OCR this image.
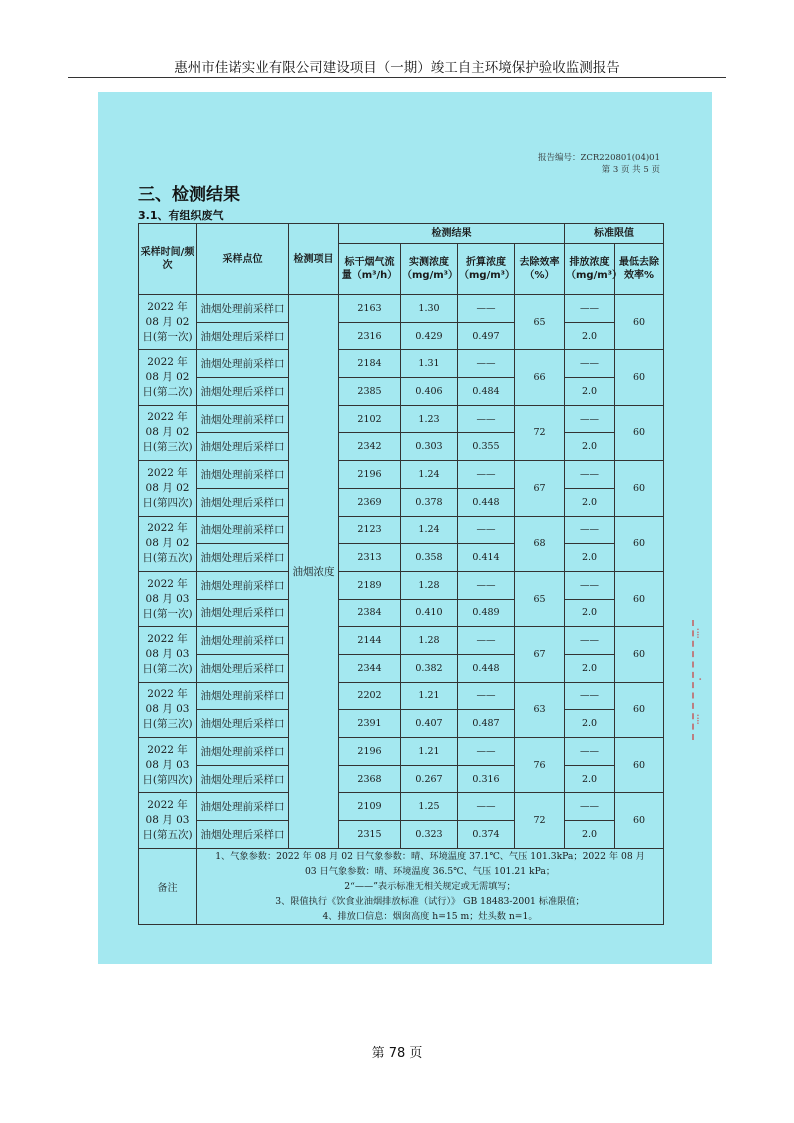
惠州市佳诺实业有限公司建设项目（一期）竣工自主环境保护验收监测报告
报告编号：ZCR220801(04)01
第 3 页 共 5 页
三、检测结果
3.1、有组织废气
采样时间/频次	采样点位	检测项目	检测结果				标准限值	
			标干烟气流量（m³/h）	实测浓度（mg/m³）	折算浓度（mg/m³）	去除效率（%）	排放浓度（mg/m³）	最低去除效率%
2022 年 08 月 02 日(第一次)	油烟处理前采样口	油烟浓度	2163	1.30	——	65	——	60
	油烟处理后采样口		2316	0.429	0.497		2.0	
2022 年 08 月 02 日(第二次)	油烟处理前采样口		2184	1.31	——	66	——	60
	油烟处理后采样口		2385	0.406	0.484		2.0	
2022 年 08 月 02 日(第三次)	油烟处理前采样口		2102	1.23	——	72	——	60
	油烟处理后采样口		2342	0.303	0.355		2.0	
2022 年 08 月 02 日(第四次)	油烟处理前采样口		2196	1.24	——	67	——	60
	油烟处理后采样口		2369	0.378	0.448		2.0	
2022 年 08 月 02 日(第五次)	油烟处理前采样口		2123	1.24	——	68	——	60
	油烟处理后采样口		2313	0.358	0.414		2.0	
2022 年 08 月 03 日(第一次)	油烟处理前采样口		2189	1.28	——	65	——	60
	油烟处理后采样口		2384	0.410	0.489		2.0	
2022 年 08 月 03 日(第二次)	油烟处理前采样口		2144	1.28	——	67	——	60
	油烟处理后采样口		2344	0.382	0.448		2.0	
2022 年 08 月 03 日(第三次)	油烟处理前采样口		2202	1.21	——	63	——	60
	油烟处理后采样口		2391	0.407	0.487		2.0	
2022 年 08 月 03 日(第四次)	油烟处理前采样口		2196	1.21	——	76	——	60
	油烟处理后采样口		2368	0.267	0.316		2.0	
2022 年 08 月 03 日(第五次)	油烟处理前采样口		2109	1.25	——	72	——	60
	油烟处理后采样口		2315	0.323	0.374		2.0	
备注	1、气象参数：2022 年 08 月 02 日气象参数：晴、环境温度 37.1℃、气压 101.3kPa；2022 年 08 月
03 日气象参数：晴、环境温度 36.5℃、气压 101.21 kPa；
2“——”表示标准无相关规定或无需填写；
3、限值执行《饮食业油烟排放标准（试行）》 GB 18483-2001 标准限值；
4、排放口信息：烟囱高度 h=15 m；灶头数 n=1。							
⁞
·
⁞
第 78 页
